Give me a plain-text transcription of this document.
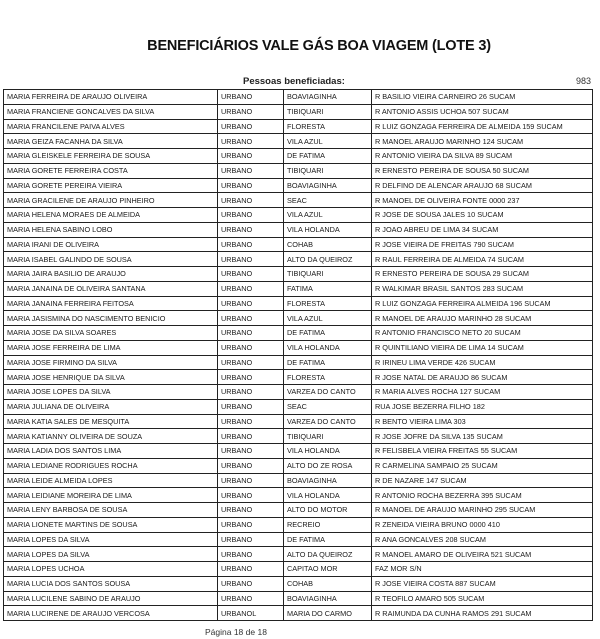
BENEFICIÁRIOS VALE GÁS BOA VIAGEM (LOTE 3)
Pessoas beneficiadas:	983
MARIA FERREIRA DE ARAUJO OLIVEIRA	URBANO	BOAVIAGINHA	R BASILIO VIEIRA CARNEIRO 26 SUCAM
MARIA FRANCIENE GONCALVES DA SILVA	URBANO	TIBIQUARI	R ANTONIO ASSIS UCHOA 507 SUCAM
MARIA FRANCILENE PAIVA ALVES	URBANO	FLORESTA	R LUIZ GONZAGA FERREIRA DE ALMEIDA 159 SUCAM
MARIA GEIZA FACANHA DA SILVA	URBANO	VILA AZUL	R MANOEL ARAUJO MARINHO 124 SUCAM
MARIA GLEISKELE FERREIRA DE SOUSA	URBANO	DE FATIMA	R ANTONIO VIEIRA DA SILVA 89 SUCAM
MARIA GORETE FERREIRA COSTA	URBANO	TIBIQUARI	R ERNESTO PEREIRA DE SOUSA 50 SUCAM
MARIA GORETE PEREIRA VIEIRA	URBANO	BOAVIAGINHA	R DELFINO DE ALENCAR ARAUJO 68 SUCAM
MARIA GRACILENE DE ARAUJO PINHEIRO	URBANO	SEAC	R MANOEL DE OLIVEIRA FONTE 0000 237
MARIA HELENA MORAES DE ALMEIDA	URBANO	VILA AZUL	R JOSE DE SOUSA JALES 10 SUCAM
MARIA HELENA SABINO LOBO	URBANO	VILA HOLANDA	R JOAO ABREU DE LIMA 34 SUCAM
MARIA IRANI DE OLIVEIRA	URBANO	COHAB	R JOSE VIEIRA DE FREITAS 790 SUCAM
MARIA ISABEL GALINDO DE SOUSA	URBANO	ALTO DA QUEIROZ	R RAUL FERREIRA DE ALMEIDA 74 SUCAM
MARIA JAIRA BASILIO DE ARAUJO	URBANO	TIBIQUARI	R ERNESTO PEREIRA DE SOUSA 29 SUCAM
MARIA JANAINA DE OLIVEIRA SANTANA	URBANO	FATIMA	R WALKIMAR BRASIL SANTOS 283 SUCAM
MARIA JANAINA FERREIRA FEITOSA	URBANO	FLORESTA	R LUIZ GONZAGA FERREIRA ALMEIDA 196 SUCAM
MARIA JASISMINA DO NASCIMENTO BENICIO	URBANO	VILA AZUL	R MANOEL DE ARAUJO MARINHO 28 SUCAM
MARIA JOSE DA SILVA SOARES	URBANO	DE FATIMA	R ANTONIO FRANCISCO NETO 20 SUCAM
MARIA JOSE FERREIRA DE LIMA	URBANO	VILA HOLANDA	R QUINTILIANO VIEIRA DE LIMA 14 SUCAM
MARIA JOSE FIRMINO DA SILVA	URBANO	DE FATIMA	R IRINEU LIMA VERDE 426 SUCAM
MARIA JOSE HENRIQUE DA SILVA	URBANO	FLORESTA	R JOSE NATAL DE ARAUJO 86 SUCAM
MARIA JOSE LOPES DA SILVA	URBANO	VARZEA DO CANTO	R MARIA ALVES ROCHA 127 SUCAM
MARIA JULIANA DE OLIVEIRA	URBANO	SEAC	RUA JOSE BEZERRA FILHO 182
MARIA KATIA SALES DE MESQUITA	URBANO	VARZEA DO CANTO	R BENTO VIEIRA LIMA 303
MARIA KATIANNY OLIVEIRA DE SOUZA	URBANO	TIBIQUARI	R JOSE JOFRE DA SILVA 135 SUCAM
MARIA LADIA DOS SANTOS LIMA	URBANO	VILA HOLANDA	R FELISBELA VIEIRA FREITAS 55 SUCAM
MARIA LEDIANE RODRIGUES ROCHA	URBANO	ALTO DO ZE ROSA	R CARMELINA SAMPAIO 25 SUCAM
MARIA LEIDE ALMEIDA LOPES	URBANO	BOAVIAGINHA	R DE NAZARE 147 SUCAM
MARIA LEIDIANE MOREIRA DE LIMA	URBANO	VILA HOLANDA	R ANTONIO ROCHA BEZERRA 395 SUCAM
MARIA LENY BARBOSA DE SOUSA	URBANO	ALTO DO MOTOR	R MANOEL DE ARAUJO MARINHO 295 SUCAM
MARIA LIONETE MARTINS DE SOUSA	URBANO	RECREIO	R ZENEIDA VIEIRA BRUNO 0000 410
MARIA LOPES DA SILVA	URBANO	DE FATIMA	R ANA GONCALVES 208 SUCAM
MARIA LOPES DA SILVA	URBANO	ALTO DA QUEIROZ	R MANOEL AMARO DE OLIVEIRA 521 SUCAM
MARIA LOPES UCHOA	URBANO	CAPITAO MOR	FAZ MOR S/N
MARIA LUCIA DOS SANTOS SOUSA	URBANO	COHAB	R JOSE VIEIRA COSTA 887 SUCAM
MARIA LUCILENE SABINO DE ARAUJO	URBANO	BOAVIAGINHA	R TEOFILO AMARO 505 SUCAM
MARIA LUCIRENE DE ARAUJO VERCOSA	URBANOL	MARIA DO CARMO	R RAIMUNDA DA CUNHA RAMOS 291 SUCAM
Página 18 de 18
